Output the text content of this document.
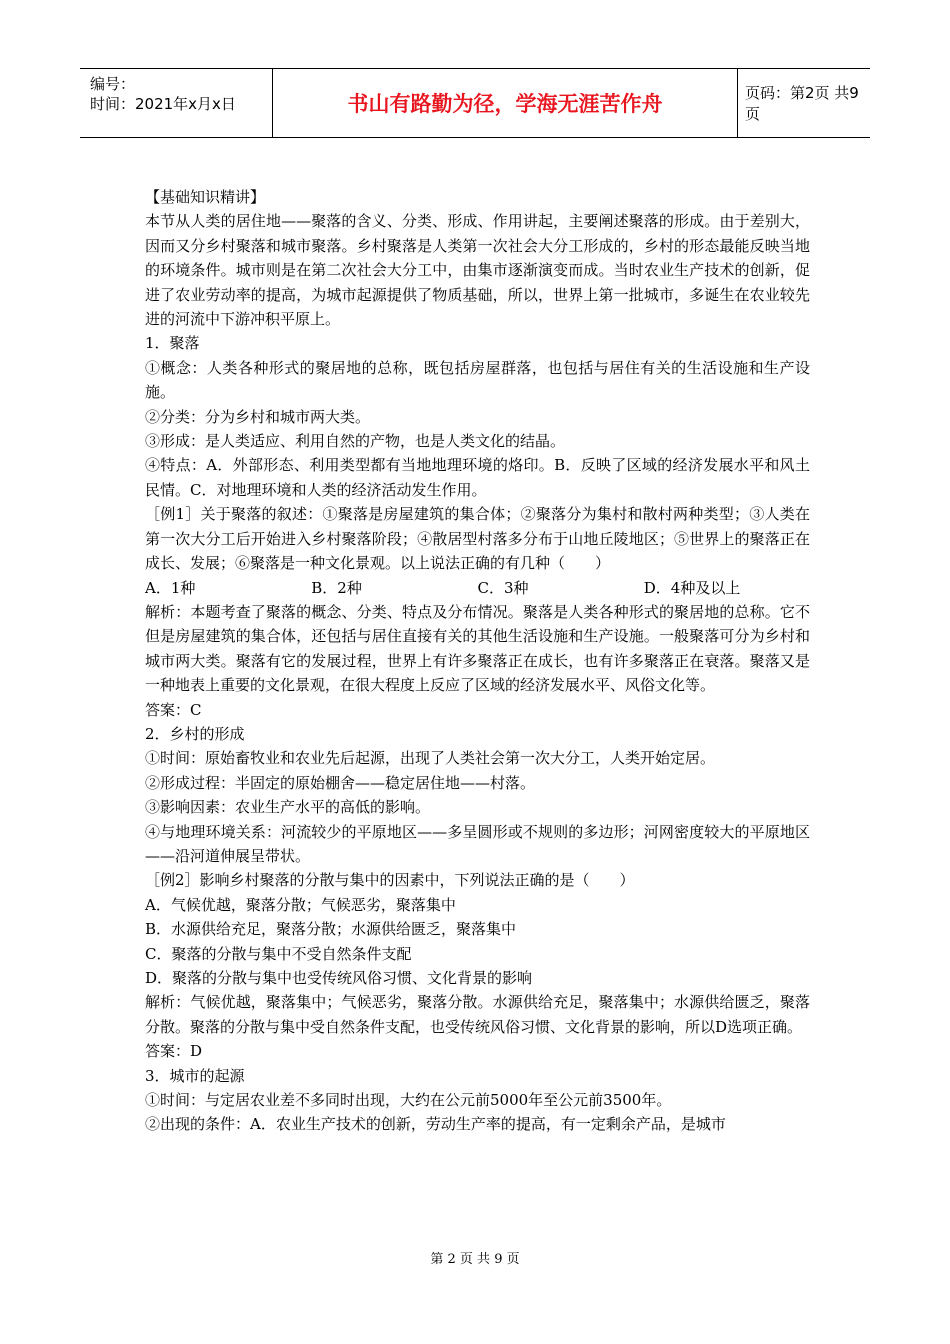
编号：
时间：2021年x月x日	书山有路勤为径，学海无涯苦作舟	页码：第2页 共9页

【基础知识精讲】

本节从人类的居住地——聚落的含义、分类、形成、作用讲起，主要阐述聚落的形成。由于差别大，因而又分乡村聚落和城市聚落。乡村聚落是人类第一次社会大分工形成的，乡村的形态最能反映当地的环境条件。城市则是在第二次社会大分工中，由集市逐渐演变而成。当时农业生产技术的创新，促进了农业劳动率的提高，为城市起源提供了物质基础，所以，世界上第一批城市，多诞生在农业较先进的河流中下游冲积平原上。

1．聚落

①概念：人类各种形式的聚居地的总称，既包括房屋群落，也包括与居住有关的生活设施和生产设施。

②分类：分为乡村和城市两大类。

③形成：是人类适应、利用自然的产物，也是人类文化的结晶。

④特点：A．外部形态、利用类型都有当地地理环境的烙印。B．反映了区域的经济发展水平和风土民情。C．对地理环境和人类的经济活动发生作用。

［例1］关于聚落的叙述：①聚落是房屋建筑的集合体；②聚落分为集村和散村两种类型；③人类在第一次大分工后开始进入乡村聚落阶段；④散居型村落多分布于山地丘陵地区；⑤世界上的聚落正在成长、发展；⑥聚落是一种文化景观。以上说法正确的有几种（　　）

A．1种	B．2种	C．3种	D．4种及以上

解析：本题考查了聚落的概念、分类、特点及分布情况。聚落是人类各种形式的聚居地的总称。它不但是房屋建筑的集合体，还包括与居住直接有关的其他生活设施和生产设施。一般聚落可分为乡村和城市两大类。聚落有它的发展过程，世界上有许多聚落正在成长，也有许多聚落正在衰落。聚落又是一种地表上重要的文化景观，在很大程度上反应了区域的经济发展水平、风俗文化等。

答案：C

2．乡村的形成

①时间：原始畜牧业和农业先后起源，出现了人类社会第一次大分工，人类开始定居。

②形成过程：半固定的原始棚舍——稳定居住地——村落。

③影响因素：农业生产水平的高低的影响。

④与地理环境关系：河流较少的平原地区——多呈圆形或不规则的多边形；河网密度较大的平原地区——沿河道伸展呈带状。

［例2］影响乡村聚落的分散与集中的因素中，下列说法正确的是（　　）

A．气候优越，聚落分散；气候恶劣，聚落集中

B．水源供给充足，聚落分散；水源供给匮乏，聚落集中

C．聚落的分散与集中不受自然条件支配

D．聚落的分散与集中也受传统风俗习惯、文化背景的影响

解析：气候优越，聚落集中；气候恶劣，聚落分散。水源供给充足，聚落集中；水源供给匮乏，聚落分散。聚落的分散与集中受自然条件支配，也受传统风俗习惯、文化背景的影响，所以D选项正确。

答案：D

3．城市的起源

①时间：与定居农业差不多同时出现，大约在公元前5000年至公元前3500年。

②出现的条件：A．农业生产技术的创新，劳动生产率的提高，有一定剩余产品，是城市

第 2 页 共 9 页
